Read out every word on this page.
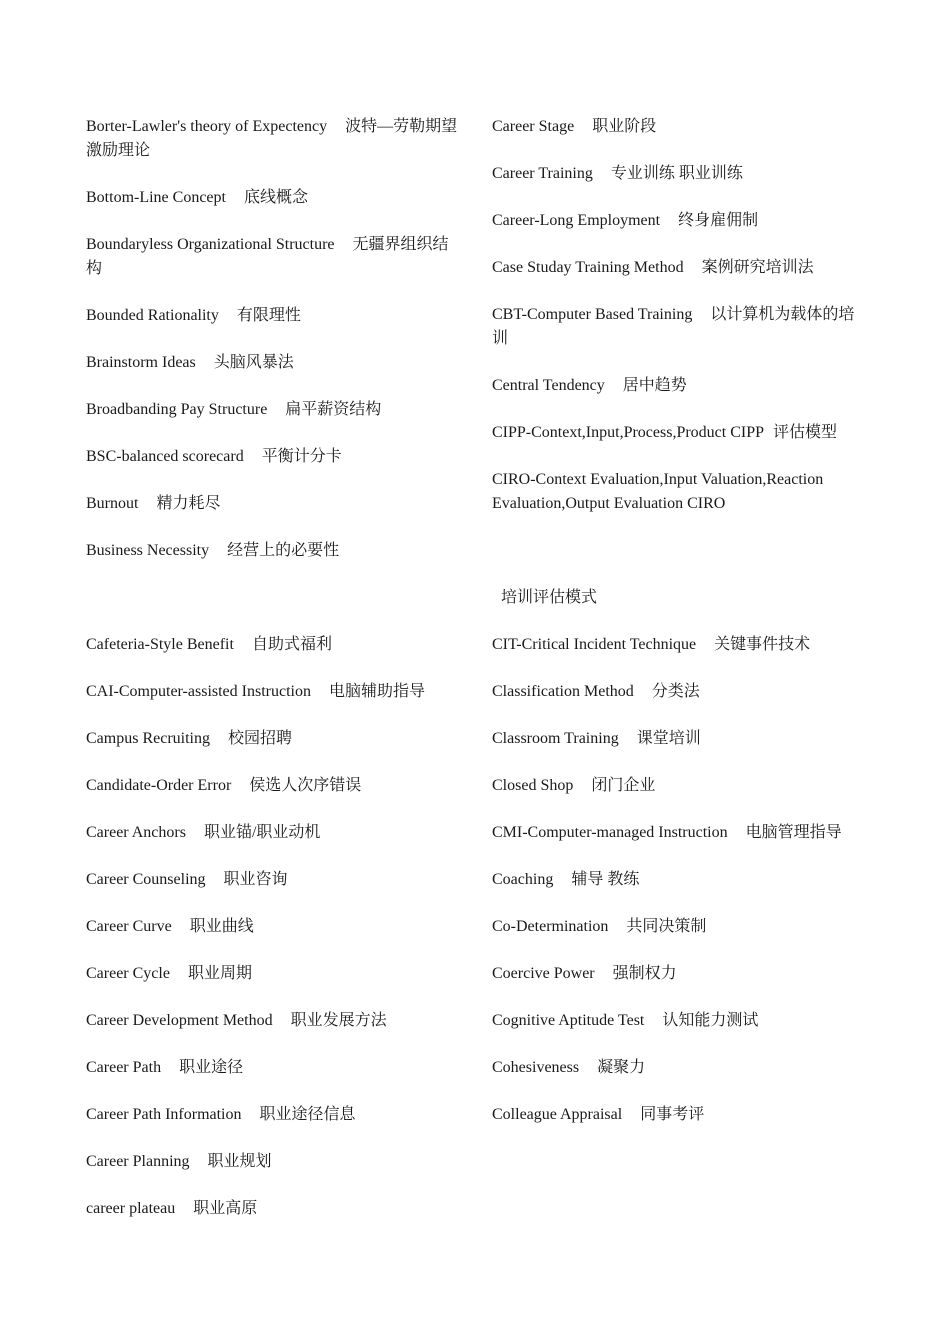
Borter-Lawler's theory of Expectency 波特—劳勒期望激励理论

Bottom-Line Concept 底线概念

Boundaryless Organizational Structure 无疆界组织结构

Bounded Rationality 有限理性

Brainstorm Ideas 头脑风暴法

Broadbanding Pay Structure 扁平薪资结构

BSC-balanced scorecard 平衡计分卡

Burnout 精力耗尽

Business Necessity 经营上的必要性

Cafeteria-Style Benefit 自助式福利

CAI-Computer-assisted Instruction 电脑辅助指导

Campus Recruiting 校园招聘

Candidate-Order Error 侯选人次序错误

Career Anchors 职业锚/职业动机

Career Counseling 职业咨询

Career Curve 职业曲线

Career Cycle 职业周期

Career Development Method 职业发展方法

Career Path 职业途径

Career Path Information 职业途径信息

Career Planning 职业规划

career plateau 职业高原

Career Stage 职业阶段

Career Training 专业训练 职业训练

Career-Long Employment 终身雇佣制

Case Studay Training Method 案例研究培训法

CBT-Computer Based Training 以计算机为载体的培训

Central Tendency 居中趋势

CIPP-Context,Input,Process,Product CIPP 评估模型

CIRO-Context Evaluation,Input Valuation,Reaction Evaluation,Output Evaluation CIRO

培训评估模式

CIT-Critical Incident Technique 关键事件技术

Classification Method 分类法

Classroom Training 课堂培训

Closed Shop 闭门企业

CMI-Computer-managed Instruction 电脑管理指导

Coaching 辅导 教练

Co-Determination 共同决策制

Coercive Power 强制权力

Cognitive Aptitude Test 认知能力测试

Cohesiveness 凝聚力

Colleague Appraisal 同事考评
